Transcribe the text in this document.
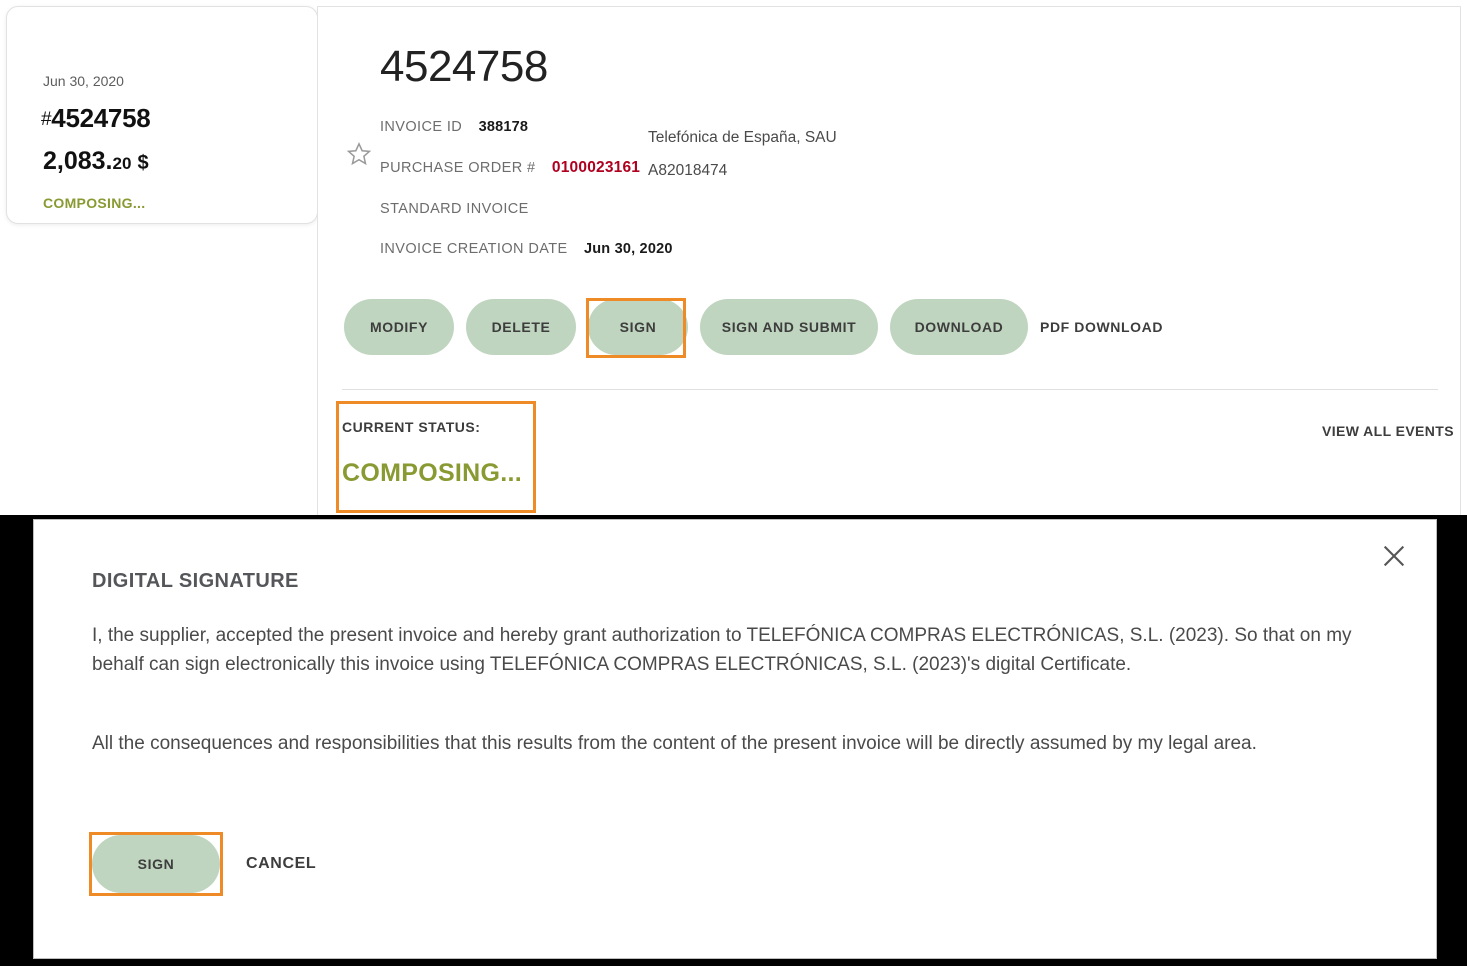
Jun 30, 2020
#4524758
2,083.20 $
COMPOSING...
4524758
INVOICE ID 388178
PURCHASE ORDER # 0100023161
STANDARD INVOICE
INVOICE CREATION DATE Jun 30, 2020
Telefónica de España, SAU
A82018474
MODIFY	DELETE	SIGN	SIGN AND SUBMIT	DOWNLOAD	PDF DOWNLOAD
CURRENT STATUS:
COMPOSING...
VIEW ALL EVENTS
DIGITAL SIGNATURE
I, the supplier, accepted the present invoice and hereby grant authorization to TELEFÓNICA COMPRAS ELECTRÓNICAS, S.L. (2023). So that on my behalf can sign electronically this invoice using TELEFÓNICA COMPRAS ELECTRÓNICAS, S.L. (2023)'s digital Certificate.
All the consequences and responsibilities that this results from the content of the present invoice will be directly assumed by my legal area.
SIGN	CANCEL
